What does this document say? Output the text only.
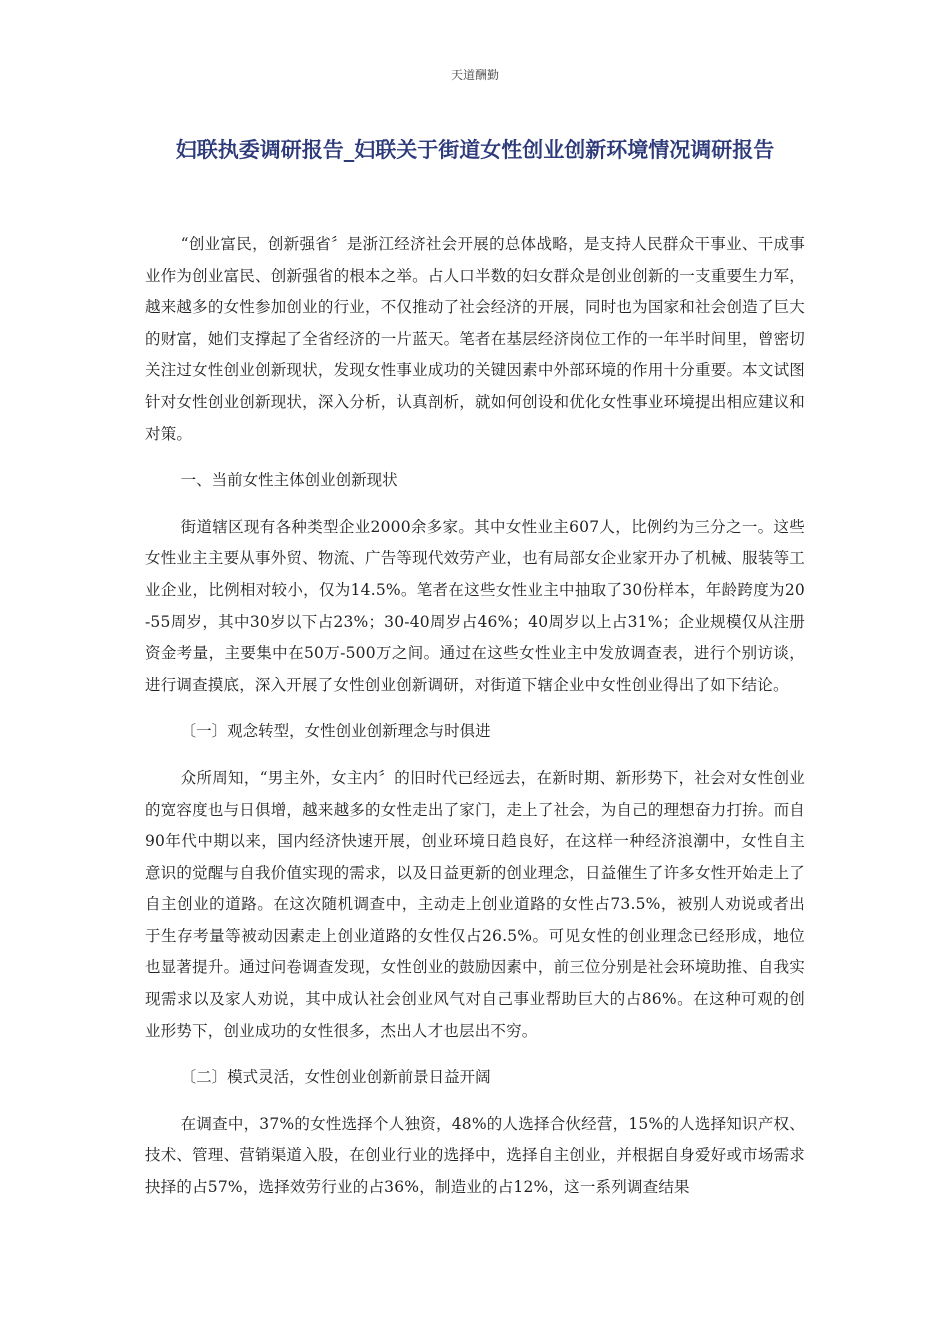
天道酬勤
妇联执委调研报告_妇联关于街道女性创业创新环境情况调研报告

“创业富民，创新强省〞是浙江经济社会开展的总体战略，是支持人民群众干事业、干成事业作为创业富民、创新强省的根本之举。占人口半数的妇女群众是创业创新的一支重要生力军，越来越多的女性参加创业的行业，不仅推动了社会经济的开展，同时也为国家和社会创造了巨大的财富，她们支撑起了全省经济的一片蓝天。笔者在基层经济岗位工作的一年半时间里，曾密切关注过女性创业创新现状，发现女性事业成功的关键因素中外部环境的作用十分重要。本文试图针对女性创业创新现状，深入分析，认真剖析，就如何创设和优化女性事业环境提出相应建议和对策。

一、当前女性主体创业创新现状

街道辖区现有各种类型企业2000余多家。其中女性业主607人，比例约为三分之一。这些女性业主主要从事外贸、物流、广告等现代效劳产业，也有局部女企业家开办了机械、服装等工业企业，比例相对较小，仅为14.5%。笔者在这些女性业主中抽取了30份样本，年龄跨度为20-55周岁，其中30岁以下占23%；30-40周岁占46%；40周岁以上占31%；企业规模仅从注册资金考量，主要集中在50万-500万之间。通过在这些女性业主中发放调查表，进行个别访谈，进行调查摸底，深入开展了女性创业创新调研，对街道下辖企业中女性创业得出了如下结论。

〔一〕观念转型，女性创业创新理念与时俱进

众所周知，“男主外，女主内〞的旧时代已经远去，在新时期、新形势下，社会对女性创业的宽容度也与日俱增，越来越多的女性走出了家门，走上了社会，为自己的理想奋力打拚。而自90年代中期以来，国内经济快速开展，创业环境日趋良好，在这样一种经济浪潮中，女性自主意识的觉醒与自我价值实现的需求，以及日益更新的创业理念，日益催生了许多女性开始走上了自主创业的道路。在这次随机调查中，主动走上创业道路的女性占73.5%，被别人劝说或者出于生存考量等被动因素走上创业道路的女性仅占26.5%。可见女性的创业理念已经形成，地位也显著提升。通过问卷调查发现，女性创业的鼓励因素中，前三位分别是社会环境助推、自我实现需求以及家人劝说，其中成认社会创业风气对自己事业帮助巨大的占86%。在这种可观的创业形势下，创业成功的女性很多，杰出人才也层出不穷。

〔二〕模式灵活，女性创业创新前景日益开阔

在调查中，37%的女性选择个人独资，48%的人选择合伙经营，15%的人选择知识产权、技术、管理、营销渠道入股，在创业行业的选择中，选择自主创业，并根据自身爱好或市场需求抉择的占57%，选择效劳行业的占36%，制造业的占12%，这一系列调查结果
